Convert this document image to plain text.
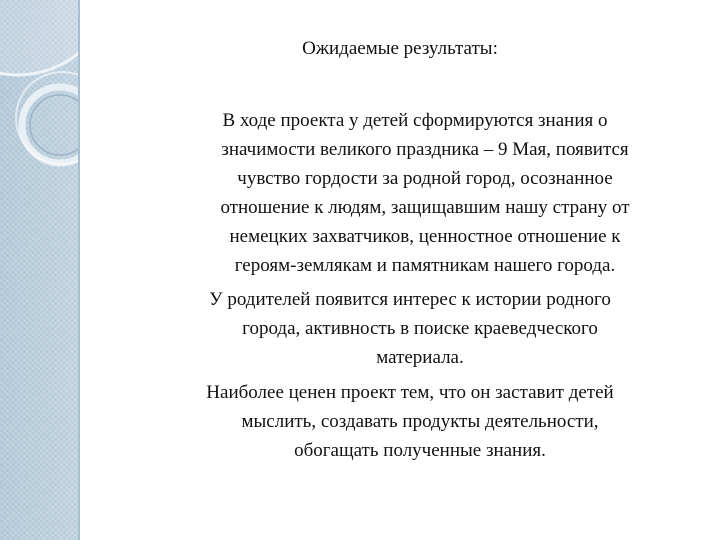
Ожидаемые результаты:

В ходе проекта у детей сформируются знания о
значимости великого праздника – 9 Мая, появится
чувство гордости за родной город, осознанное
отношение к людям, защищавшим нашу страну от
немецких захватчиков, ценностное отношение к
героям-землякам и памятникам нашего города.

У родителей появится интерес к истории родного
города, активность в поиске краеведческого
материала.

Наиболее ценен проект тем, что он заставит детей
мыслить, создавать продукты деятельности,
обогащать полученные знания.
